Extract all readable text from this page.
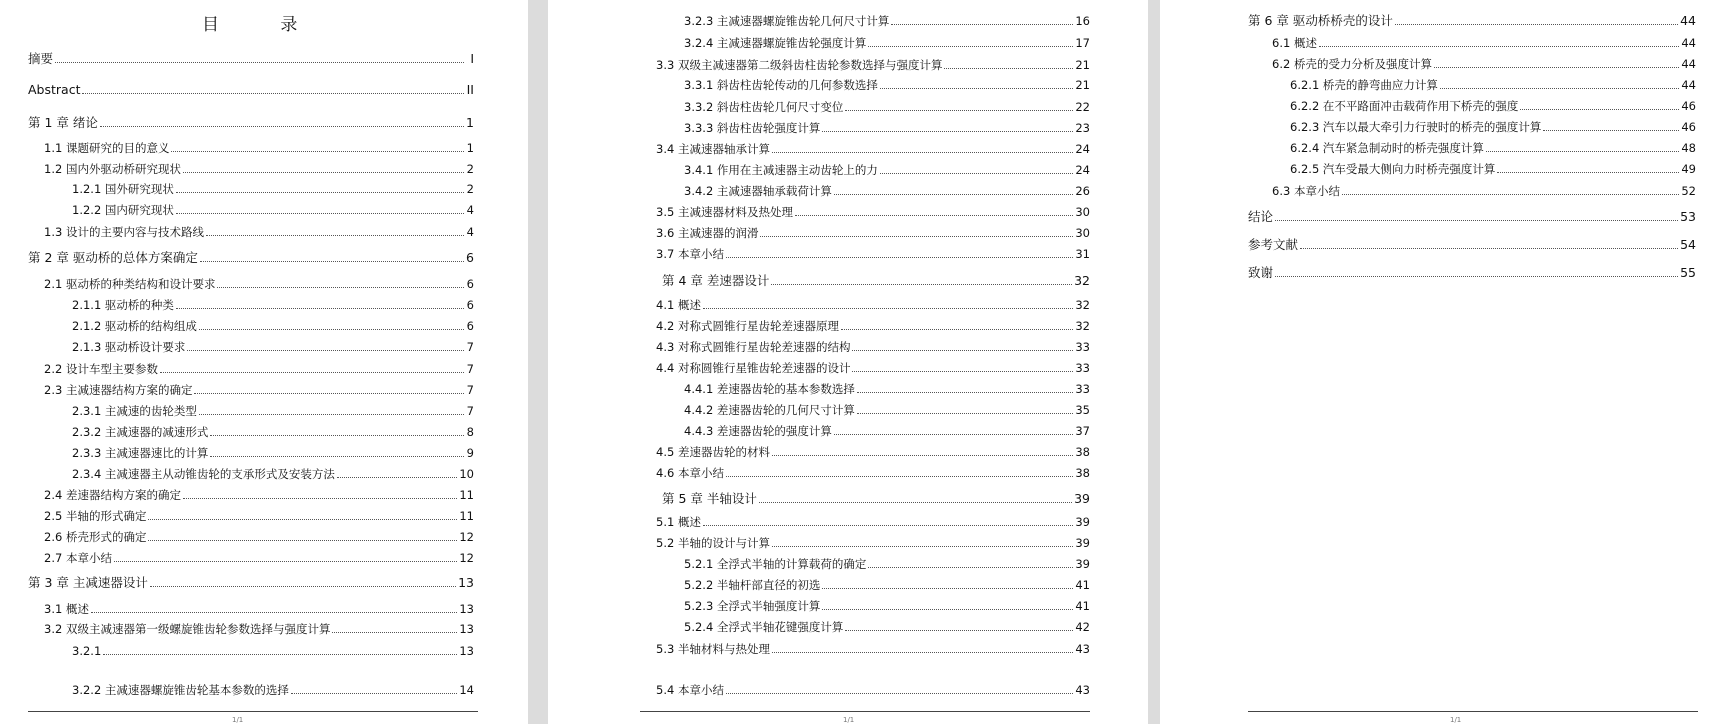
目 录
1/1
摘要	I
Abstract	II
第 1 章 绪论	1
1.1 课题研究的目的意义	1
1.2 国内外驱动桥研究现状	2
1.2.1 国外研究现状	2
1.2.2 国内研究现状	4
1.3 设计的主要内容与技术路线	4
第 2 章 驱动桥的总体方案确定	6
2.1 驱动桥的种类结构和设计要求	6
2.1.1 驱动桥的种类	6
2.1.2 驱动桥的结构组成	6
2.1.3 驱动桥设计要求	7
2.2 设计车型主要参数	7
2.3 主减速器结构方案的确定	7
2.3.1 主减速的齿轮类型	7
2.3.2 主减速器的减速形式	8
2.3.3 主减速器速比的计算	9
2.3.4 主减速器主从动锥齿轮的支承形式及安装方法	10
2.4 差速器结构方案的确定	11
2.5 半轴的形式确定	11
2.6 桥壳形式的确定	12
2.7 本章小结	12
第 3 章 主减速器设计	13
3.1 概述	13
3.2 双级主减速器第一级螺旋锥齿轮参数选择与强度计算	13
3.2.1	13
3.2.2 主减速器螺旋锥齿轮基本参数的选择	14
1/1
3.2.3 主减速器螺旋锥齿轮几何尺寸计算	16
3.2.4 主减速器螺旋锥齿轮强度计算	17
3.3 双级主减速器第二级斜齿柱齿轮参数选择与强度计算	21
3.3.1 斜齿柱齿轮传动的几何参数选择	21
3.3.2 斜齿柱齿轮几何尺寸变位	22
3.3.3 斜齿柱齿轮强度计算	23
3.4 主减速器轴承计算	24
3.4.1 作用在主减速器主动齿轮上的力	24
3.4.2 主减速器轴承载荷计算	26
3.5 主减速器材料及热处理	30
3.6 主减速器的润滑	30
3.7 本章小结	31
第 4 章 差速器设计	32
4.1 概述	32
4.2 对称式圆锥行星齿轮差速器原理	32
4.3 对称式圆锥行星齿轮差速器的结构	33
4.4 对称圆锥行星锥齿轮差速器的设计	33
4.4.1 差速器齿轮的基本参数选择	33
4.4.2 差速器齿轮的几何尺寸计算	35
4.4.3 差速器齿轮的强度计算	37
4.5 差速器齿轮的材料	38
4.6 本章小结	38
第 5 章 半轴设计	39
5.1 概述	39
5.2 半轴的设计与计算	39
5.2.1 全浮式半轴的计算载荷的确定	39
5.2.2 半轴杆部直径的初选	41
5.2.3 全浮式半轴强度计算	41
5.2.4 全浮式半轴花键强度计算	42
5.3 半轴材料与热处理	43
5.4 本章小结	43
1/1
第 6 章 驱动桥桥壳的设计	44
6.1 概述	44
6.2 桥壳的受力分析及强度计算	44
6.2.1 桥壳的静弯曲应力计算	44
6.2.2 在不平路面冲击载荷作用下桥壳的强度	46
6.2.3 汽车以最大牵引力行驶时的桥壳的强度计算	46
6.2.4 汽车紧急制动时的桥壳强度计算	48
6.2.5 汽车受最大侧向力时桥壳强度计算	49
6.3 本章小结	52
结论	53
参考文献	54
致谢	55
